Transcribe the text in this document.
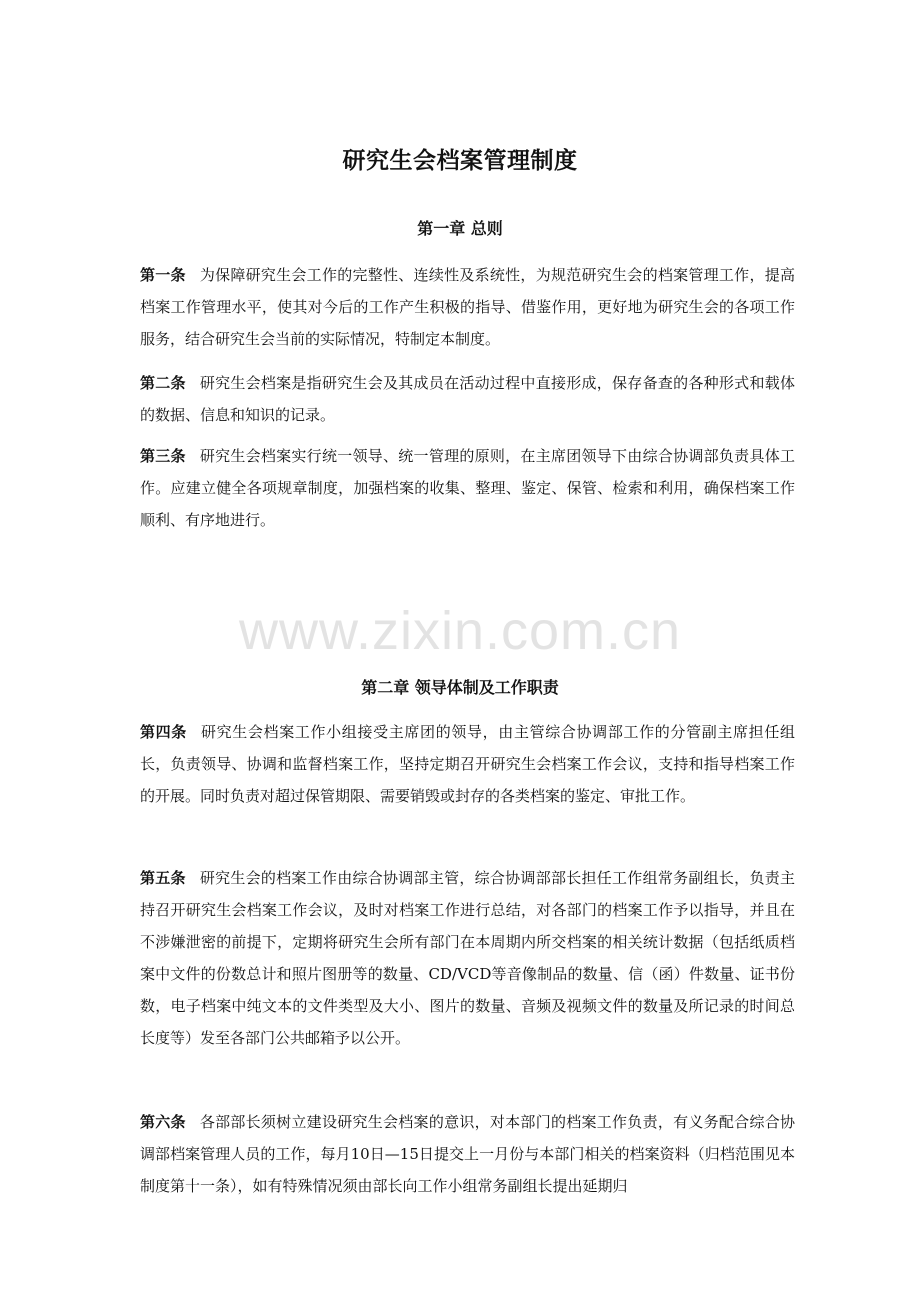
研究生会档案管理制度
第一章 总则

第一条 为保障研究生会工作的完整性、连续性及系统性，为规范研究生会的档案管理工作，提高档案工作管理水平，使其对今后的工作产生积极的指导、借鉴作用，更好地为研究生会的各项工作服务，结合研究生会当前的实际情况，特制定本制度。

第二条 研究生会档案是指研究生会及其成员在活动过程中直接形成，保存备查的各种形式和载体的数据、信息和知识的记录。

第三条 研究生会档案实行统一领导、统一管理的原则，在主席团领导下由综合协调部负责具体工作。应建立健全各项规章制度，加强档案的收集、整理、鉴定、保管、检索和利用，确保档案工作顺利、有序地进行。

www.zixin.com.cn
第二章 领导体制及工作职责

第四条 研究生会档案工作小组接受主席团的领导，由主管综合协调部工作的分管副主席担任组长，负责领导、协调和监督档案工作，坚持定期召开研究生会档案工作会议，支持和指导档案工作的开展。同时负责对超过保管期限、需要销毁或封存的各类档案的鉴定、审批工作。

第五条 研究生会的档案工作由综合协调部主管，综合协调部部长担任工作组常务副组长，负责主持召开研究生会档案工作会议，及时对档案工作进行总结，对各部门的档案工作予以指导，并且在不涉嫌泄密的前提下，定期将研究生会所有部门在本周期内所交档案的相关统计数据（包括纸质档案中文件的份数总计和照片图册等的数量、CD/VCD等音像制品的数量、信（函）件数量、证书份数，电子档案中纯文本的文件类型及大小、图片的数量、音频及视频文件的数量及所记录的时间总长度等）发至各部门公共邮箱予以公开。

第六条 各部部长须树立建设研究生会档案的意识，对本部门的档案工作负责，有义务配合综合协调部档案管理人员的工作，每月10日—15日提交上一月份与本部门相关的档案资料（归档范围见本制度第十一条），如有特殊情况须由部长向工作小组常务副组长提出延期归
